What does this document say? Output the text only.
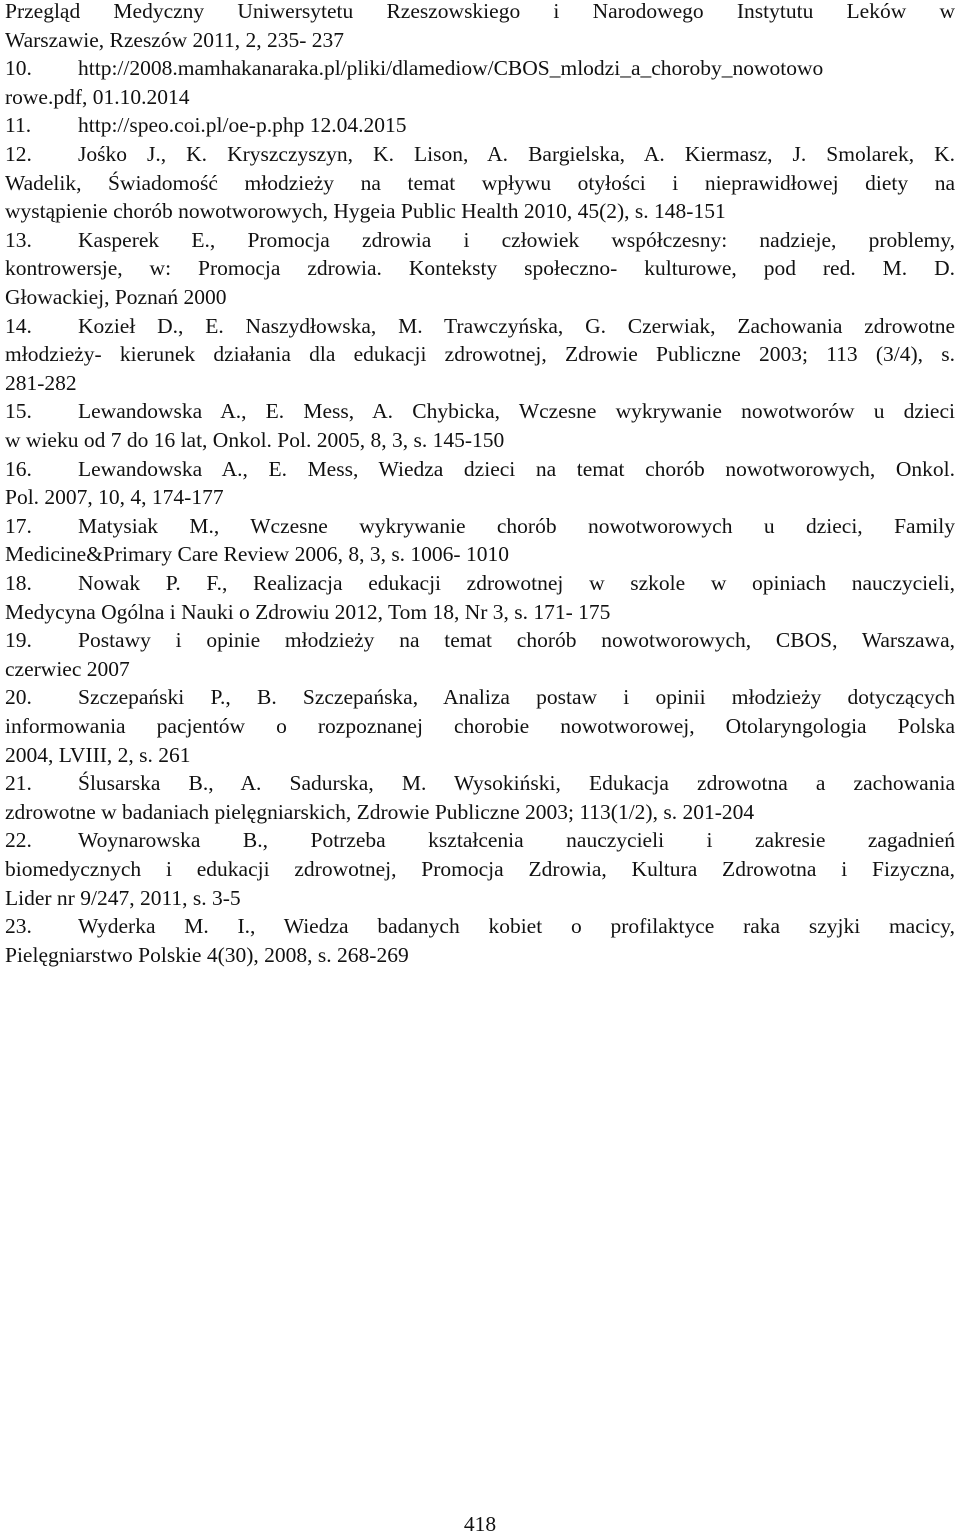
Przegląd Medyczny Uniwersytetu Rzeszowskiego i Narodowego Instytutu Leków w
Warszawie, Rzeszów 2011, 2, 235- 237
10. http://2008.mamhakanaraka.pl/pliki/dlamediow/CBOS_mlodzi_a_choroby_nowotowo
rowe.pdf, 01.10.2014
11. http://speo.coi.pl/oe-p.php 12.04.2015
12. Jośko J., K. Kryszczyszyn, K. Lison, A. Bargielska, A. Kiermasz, J. Smolarek, K.
Wadelik, Świadomość młodzieży na temat wpływu otyłości i nieprawidłowej diety na
wystąpienie chorób nowotworowych, Hygeia Public Health 2010, 45(2), s. 148-151
13. Kasperek E., Promocja zdrowia i człowiek współczesny: nadzieje, problemy,
kontrowersje, w: Promocja zdrowia. Konteksty społeczno- kulturowe, pod red. M. D.
Głowackiej, Poznań 2000
14. Kozieł D., E. Naszydłowska, M. Trawczyńska, G. Czerwiak, Zachowania zdrowotne
młodzieży- kierunek działania dla edukacji zdrowotnej, Zdrowie Publiczne 2003; 113 (3/4), s.
281-282
15. Lewandowska A., E. Mess, A. Chybicka, Wczesne wykrywanie nowotworów u dzieci
w wieku od 7 do 16 lat, Onkol. Pol. 2005, 8, 3, s. 145-150
16. Lewandowska A., E. Mess, Wiedza dzieci na temat chorób nowotworowych, Onkol.
Pol. 2007, 10, 4, 174-177
17. Matysiak M., Wczesne wykrywanie chorób nowotworowych u dzieci, Family
Medicine&Primary Care Review 2006, 8, 3, s. 1006- 1010
18. Nowak P. F., Realizacja edukacji zdrowotnej w szkole w opiniach nauczycieli,
Medycyna Ogólna i Nauki o Zdrowiu 2012, Tom 18, Nr 3, s. 171- 175
19. Postawy i opinie młodzieży na temat chorób nowotworowych, CBOS, Warszawa,
czerwiec 2007
20. Szczepański P., B. Szczepańska, Analiza postaw i opinii młodzieży dotyczących
informowania pacjentów o rozpoznanej chorobie nowotworowej, Otolaryngologia Polska
2004, LVIII, 2, s. 261
21. Ślusarska B., A. Sadurska, M. Wysokiński, Edukacja zdrowotna a zachowania
zdrowotne w badaniach pielęgniarskich, Zdrowie Publiczne 2003; 113(1/2), s. 201-204
22. Woynarowska B., Potrzeba kształcenia nauczycieli i zakresie zagadnień
biomedycznych i edukacji zdrowotnej, Promocja Zdrowia, Kultura Zdrowotna i Fizyczna,
Lider nr 9/247, 2011, s. 3-5
23. Wyderka M. I., Wiedza badanych kobiet o profilaktyce raka szyjki macicy,
Pielęgniarstwo Polskie 4(30), 2008, s. 268-269
418
